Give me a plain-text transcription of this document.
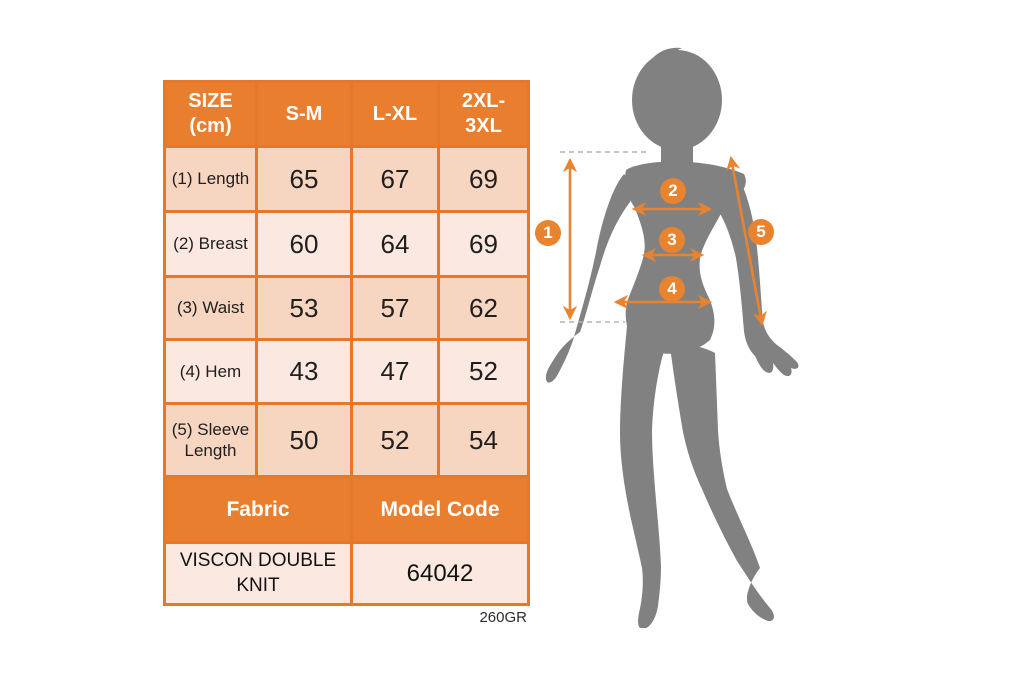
SIZE (cm)	S-M	L-XL	2XL-3XL

(1) Length	65	67	69
(2) Breast	60	64	69
(3) Waist	53	57	62
(4) Hem	43	47	52

(5) Sleeve Length	50	52	54
Fabric		Model Code	

VISCON DOUBLE KNIT		64042	
260GR
1
2
3
4
5
